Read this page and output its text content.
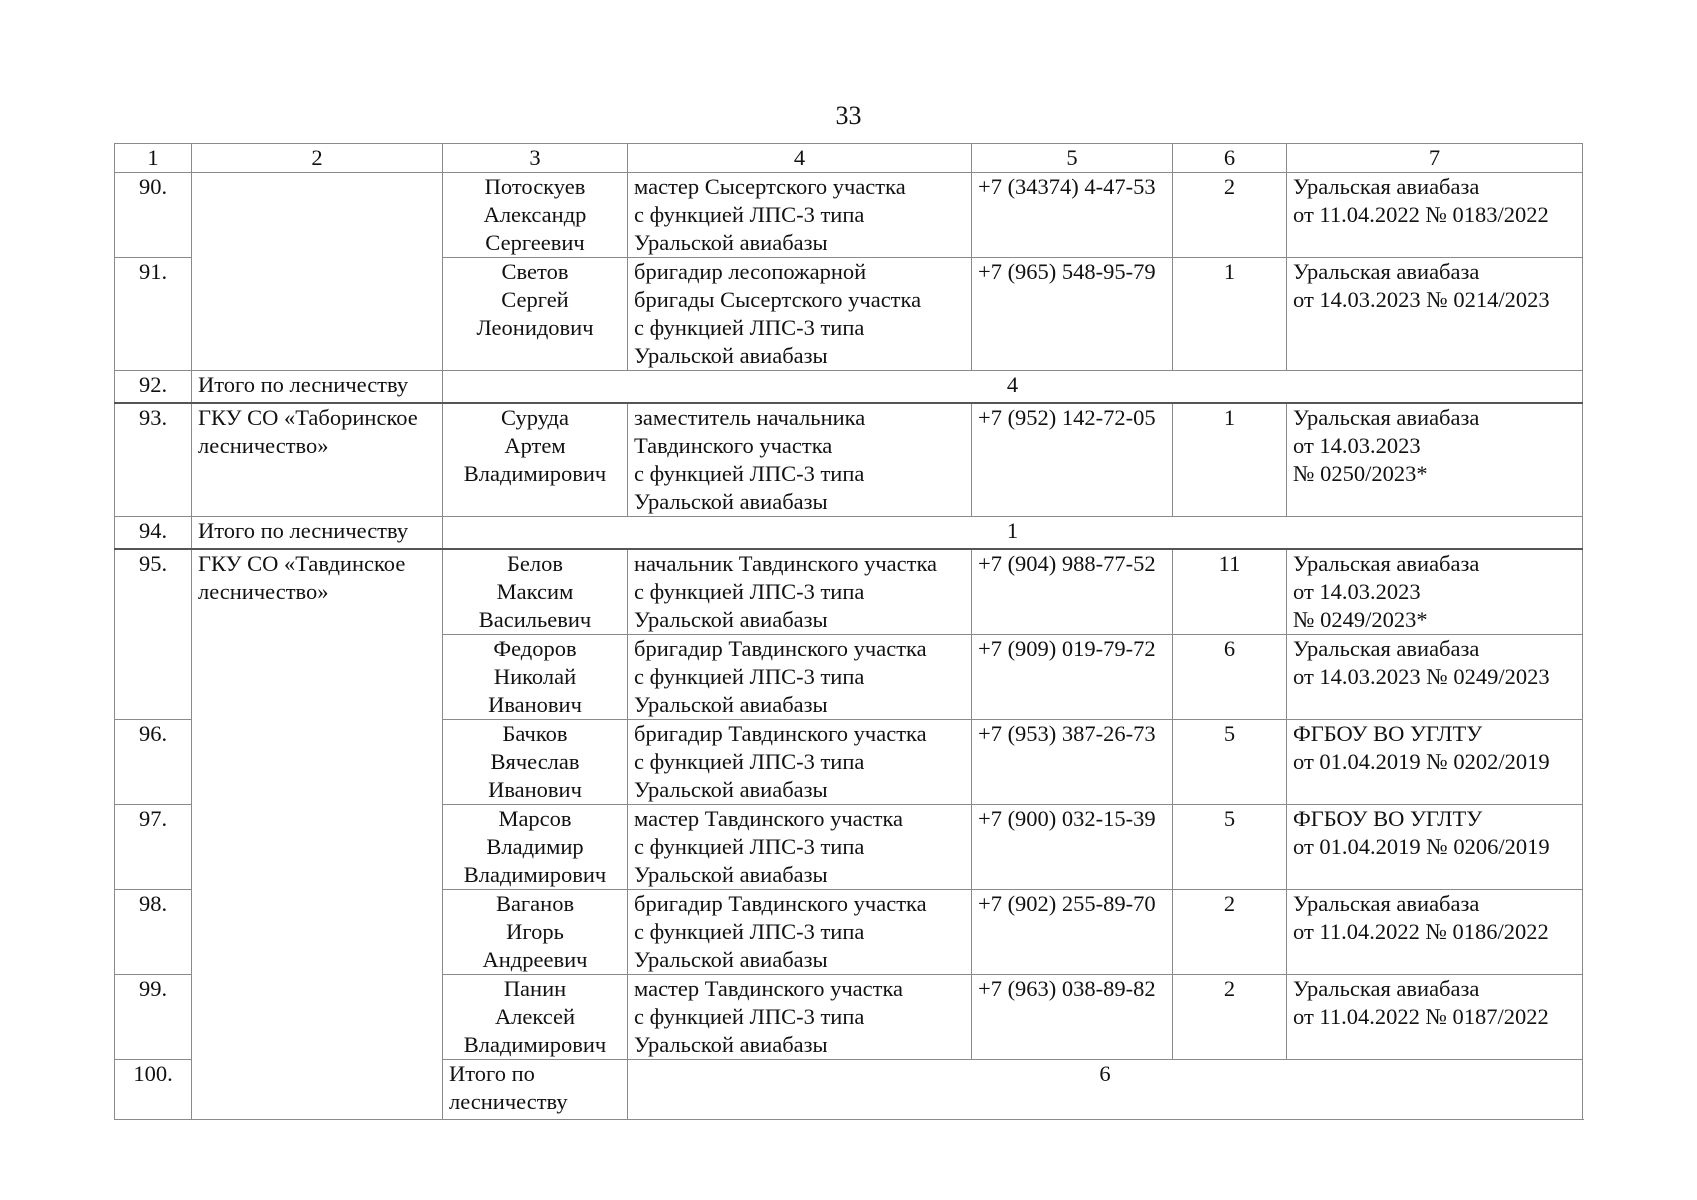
33
1	2	3	4	5	6	7
90.		Потоскуев
Александр
Сергеевич	мастер Сысертского участка
с функцией ЛПС-3 типа
Уральской авиабазы	+7 (34374) 4-47-53	2	Уральская авиабаза
от 11.04.2022 № 0183/2022

91.		Светов
Сергей
Леонидович	бригадир лесопожарной
бригады Сысертского участка
с функцией ЛПС-3 типа
Уральской авиабазы	+7 (965) 548-95-79	1	Уральская авиабаза
от 14.03.2023 № 0214/2023

92.	Итого по лесничеству	4				
93.	ГКУ СО «Таборинское
лесничество»	Суруда
Артем
Владимирович	заместитель начальника
Тавдинского участка
с функцией ЛПС-3 типа
Уральской авиабазы	+7 (952) 142-72-05	1	Уральская авиабаза
от 14.03.2023
№ 0250/2023*

94.	Итого по лесничеству	1				
95.	ГКУ СО «Тавдинское
лесничество»	Белов
Максим
Васильевич	начальник Тавдинского участка
с функцией ЛПС-3 типа
Уральской авиабазы	+7 (904) 988-77-52	11	Уральская авиабаза
от 14.03.2023
№ 0249/2023*

		Федоров
Николай
Иванович	бригадир Тавдинского участка
с функцией ЛПС-3 типа
Уральской авиабазы	+7 (909) 019-79-72	6	Уральская авиабаза
от 14.03.2023 № 0249/2023

96.		Бачков
Вячеслав
Иванович	бригадир Тавдинского участка
с функцией ЛПС-3 типа
Уральской авиабазы	+7 (953) 387-26-73	5	ФГБОУ ВО УГЛТУ
от 01.04.2019 № 0202/2019

97.		Марсов
Владимир
Владимирович	мастер Тавдинского участка
с функцией ЛПС-3 типа
Уральской авиабазы	+7 (900) 032-15-39	5	ФГБОУ ВО УГЛТУ
от 01.04.2019 № 0206/2019

98.		Ваганов
Игорь
Андреевич	бригадир Тавдинского участка
с функцией ЛПС-3 типа
Уральской авиабазы	+7 (902) 255-89-70	2	Уральская авиабаза
от 11.04.2022 № 0186/2022

99.		Панин
Алексей
Владимирович	мастер Тавдинского участка
с функцией ЛПС-3 типа
Уральской авиабазы	+7 (963) 038-89-82	2	Уральская авиабаза
от 11.04.2022 № 0187/2022

100.		Итого по лесничеству	6			
